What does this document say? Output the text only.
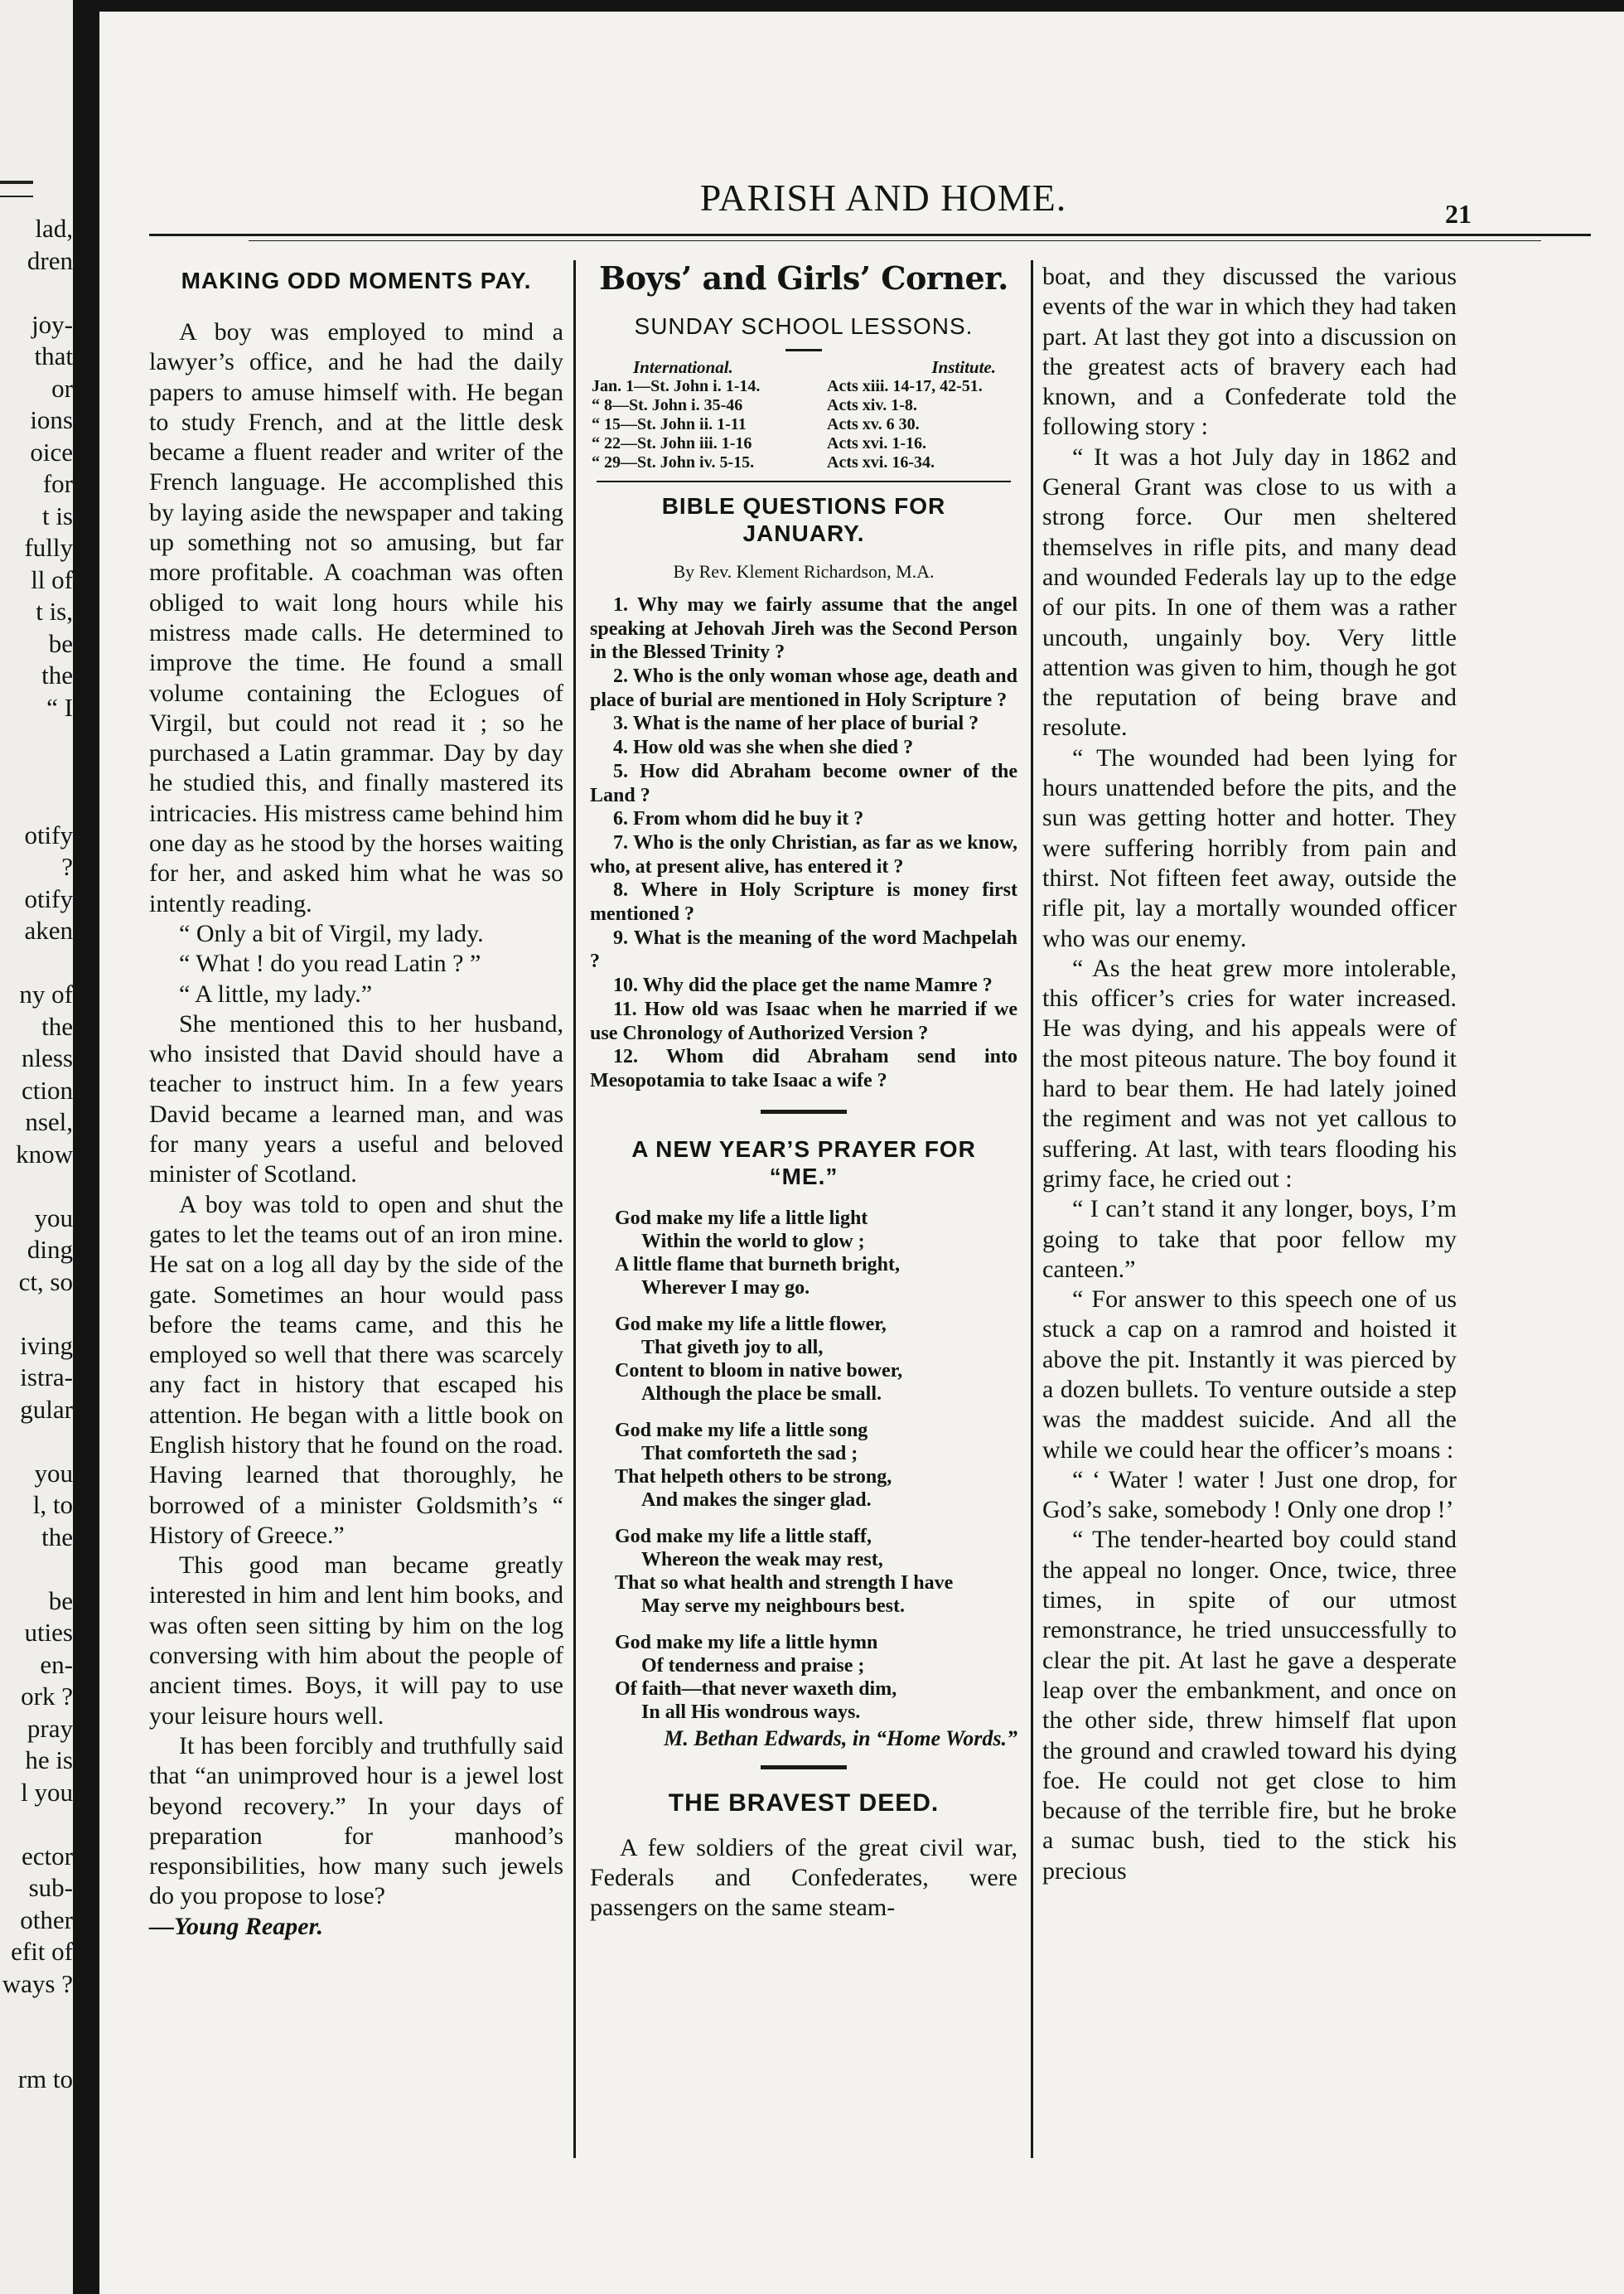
lad,
dren
joy-
that
or
ions
oice
for
t is
fully
ll of
t is,
be
the
“ I
otify
?
otify
aken
ny of
the
nless
ction
nsel,
know
you
ding
ct, so
iving
istra-
gular
you
l, to
the
be
uties
en-
ork ?
pray
he is
l you
ector
sub-
other
efit of
ways ?
rm to
PARISH AND HOME.	21
MAKING ODD MOMENTS PAY.

A boy was employed to mind a lawyer’s office, and he had the daily papers to amuse himself with. He began to study French, and at the little desk became a fluent reader and writer of the French language. He accomplished this by laying aside the newspaper and taking up something not so amusing, but far more profitable. A coachman was often obliged to wait long hours while his mistress made calls. He determined to improve the time. He found a small volume containing the Eclogues of Virgil, but could not read it ; so he purchased a Latin grammar. Day by day he studied this, and finally mastered its intricacies. His mistress came behind him one day as he stood by the horses waiting for her, and asked him what he was so intently reading.

“ Only a bit of Virgil, my lady.

“ What ! do you read Latin ? ”

“ A little, my lady.”

She mentioned this to her husband, who insisted that David should have a teacher to instruct him. In a few years David became a learned man, and was for many years a useful and beloved minister of Scotland.

A boy was told to open and shut the gates to let the teams out of an iron mine. He sat on a log all day by the side of the gate. Sometimes an hour would pass before the teams came, and this he employed so well that there was scarcely any fact in history that escaped his attention. He began with a little book on English history that he found on the road. Having learned that thoroughly, he borrowed of a minister Goldsmith’s “ History of Greece.”

This good man became greatly interested in him and lent him books, and was often seen sitting by him on the log conversing with him about the people of ancient times. Boys, it will pay to use your leisure hours well.

It has been forcibly and truthfully said that “an unimproved hour is a jewel lost beyond recovery.” In your days of preparation for manhood’s responsibilities, how many such jewels do you propose to lose?

—Young Reaper.

Boys’ and Girls’ Corner.
SUNDAY SCHOOL LESSONS.
International.	Institute.
Jan. 1—St. John i. 1-14.	Acts xiii. 14-17, 42-51.
“ 8—St. John i. 35-46	Acts xiv. 1-8.
“ 15—St. John ii. 1-11	Acts xv. 6 30.
“ 22—St. John iii. 1-16	Acts xvi. 1-16.
“ 29—St. John iv. 5-15.	Acts xvi. 16-34.
BIBLE QUESTIONS FOR JANUARY.
By Rev. Klement Richardson, M.A.

1. Why may we fairly assume that the angel speaking at Jehovah Jireh was the Second Person in the Blessed Trinity ?

2. Who is the only woman whose age, death and place of burial are mentioned in Holy Scripture ?

3. What is the name of her place of burial ?

4. How old was she when she died ?

5. How did Abraham become owner of the Land ?

6. From whom did he buy it ?

7. Who is the only Christian, as far as we know, who, at present alive, has entered it ?

8. Where in Holy Scripture is money first mentioned ?

9. What is the meaning of the word Machpelah ?

10. Why did the place get the name Mamre ?

11. How old was Isaac when he married if we use Chronology of Authorized Version ?

12. Whom did Abraham send into Mesopotamia to take Isaac a wife ?

A NEW YEAR’S PRAYER FOR “ME.”
God make my life a little light
Within the world to glow ;
A little flame that burneth bright,
Wherever I may go.
God make my life a little flower,
That giveth joy to all,
Content to bloom in native bower,
Although the place be small.
God make my life a little song
That comforteth the sad ;
That helpeth others to be strong,
And makes the singer glad.
God make my life a little staff,
Whereon the weak may rest,
That so what health and strength I have
May serve my neighbours best.
God make my life a little hymn
Of tenderness and praise ;
Of faith—that never waxeth dim,
In all His wondrous ways.
M. Bethan Edwards, in “Home Words.”
THE BRAVEST DEED.

A few soldiers of the great civil war, Federals and Confederates, were passengers on the same steam-

boat, and they discussed the various events of the war in which they had taken part. At last they got into a discussion on the greatest acts of bravery each had known, and a Confederate told the following story :

“ It was a hot July day in 1862 and General Grant was close to us with a strong force. Our men sheltered themselves in rifle pits, and many dead and wounded Federals lay up to the edge of our pits. In one of them was a rather uncouth, ungainly boy. Very little attention was given to him, though he got the reputation of being brave and resolute.

“ The wounded had been lying for hours unattended before the pits, and the sun was getting hotter and hotter. They were suffering horribly from pain and thirst. Not fifteen feet away, outside the rifle pit, lay a mortally wounded officer who was our enemy.

“ As the heat grew more intolerable, this officer’s cries for water increased. He was dying, and his appeals were of the most piteous nature. The boy found it hard to bear them. He had lately joined the regiment and was not yet callous to suffering. At last, with tears flooding his grimy face, he cried out :

“ I can’t stand it any longer, boys, I’m going to take that poor fellow my canteen.”

“ For answer to this speech one of us stuck a cap on a ramrod and hoisted it above the pit. Instantly it was pierced by a dozen bullets. To venture outside a step was the maddest suicide. And all the while we could hear the officer’s moans :

“ ‘ Water ! water ! Just one drop, for God’s sake, somebody ! Only one drop !’

“ The tender-hearted boy could stand the appeal no longer. Once, twice, three times, in spite of our utmost remonstrance, he tried unsuccessfully to clear the pit. At last he gave a desperate leap over the embankment, and once on the other side, threw himself flat upon the ground and crawled toward his dying foe. He could not get close to him because of the terrible fire, but he broke a sumac bush, tied to the stick his precious
